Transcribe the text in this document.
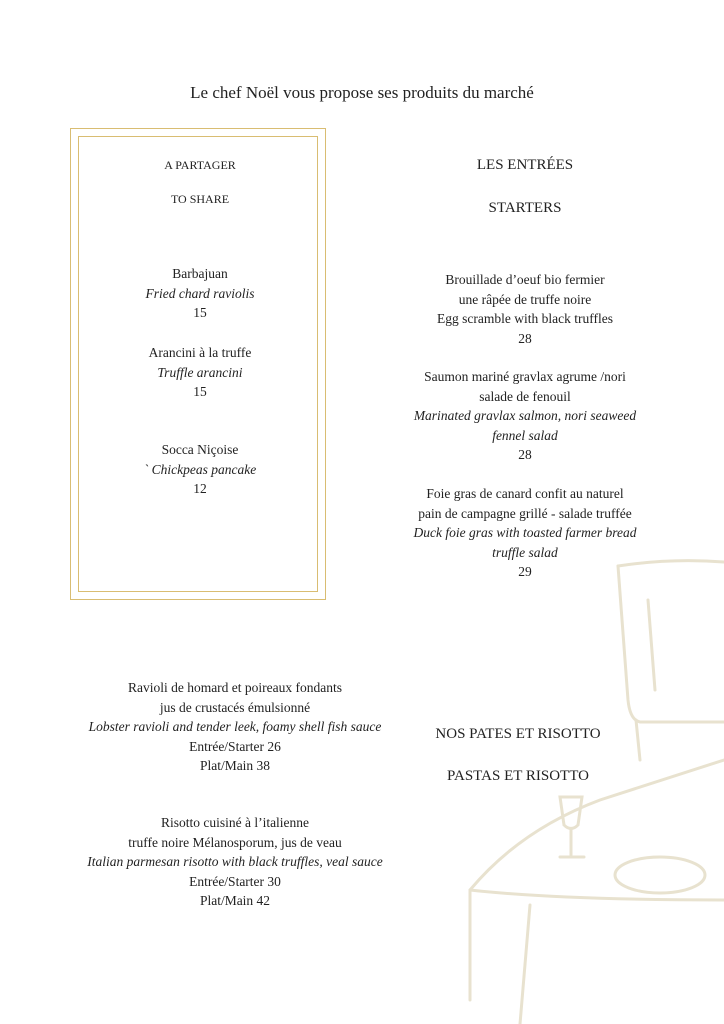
Le chef Noël vous propose ses produits du marché
A PARTAGER
TO SHARE
Barbajuan
Fried chard raviolis
15
Arancini à la truffe
Truffle arancini
15
Socca Niçoise
` Chickpeas pancake
12
LES ENTRÉES
STARTERS
Brouillade d’oeuf bio fermier
une râpée de truffe noire
Egg scramble with black truffles
28
Saumon mariné gravlax agrume /nori
salade de fenouil
Marinated gravlax salmon, nori seaweed
fennel salad
28
Foie gras de canard confit au naturel
pain de campagne grillé - salade truffée
Duck foie gras with toasted farmer bread
truffle salad
29
Ravioli de homard et poireaux fondants
jus de crustacés émulsionné
Lobster ravioli and tender leek, foamy shell fish sauce
Entrée/Starter 26
Plat/Main 38
Risotto cuisiné à l’italienne
truffe noire Mélanosporum, jus de veau
Italian parmesan risotto with black truffles, veal sauce
Entrée/Starter 30
Plat/Main 42
NOS PATES ET RISOTTO
PASTAS ET RISOTTO
